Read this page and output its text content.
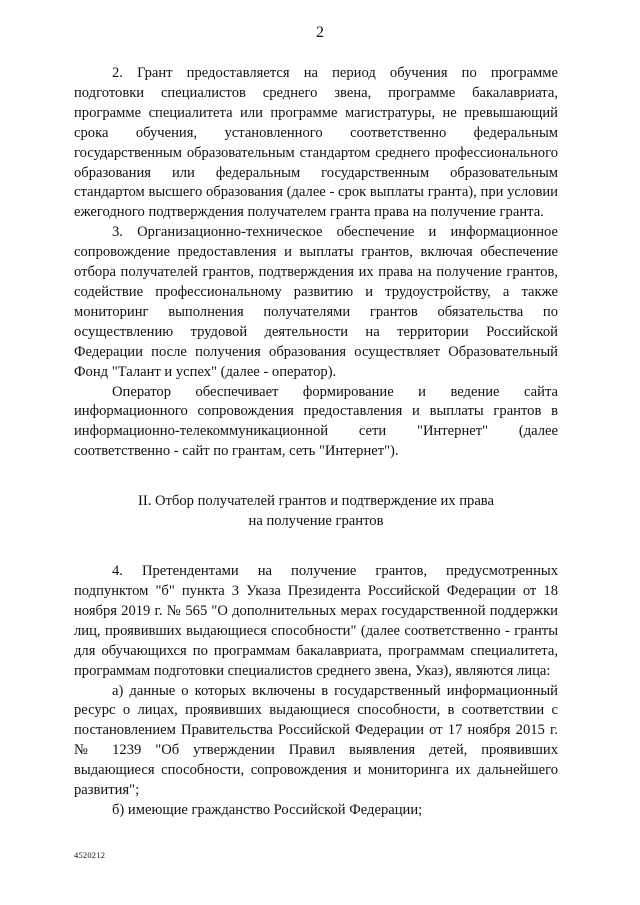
2

2. Грант предоставляется на период обучения по программе подготовки специалистов среднего звена, программе бакалавриата, программе специалитета или программе магистратуры, не превышающий срока обучения, установленного соответственно федеральным государственным образовательным стандартом среднего профессионального образования или федеральным государственным образовательным стандартом высшего образования (далее - срок выплаты гранта), при условии ежегодного подтверждения получателем гранта права на получение гранта.

3. Организационно-техническое обеспечение и информационное сопровождение предоставления и выплаты грантов, включая обеспечение отбора получателей грантов, подтверждения их права на получение грантов, содействие профессиональному развитию и трудоустройству, а также мониторинг выполнения получателями грантов обязательства по осуществлению трудовой деятельности на территории Российской Федерации после получения образования осуществляет Образовательный Фонд "Талант и успех" (далее - оператор).

Оператор обеспечивает формирование и ведение сайта информационного сопровождения предоставления и выплаты грантов в информационно-телекоммуникационной сети "Интернет" (далее соответственно - сайт по грантам, сеть "Интернет").

II. Отбор получателей грантов и подтверждение их права
на получение грантов

4. Претендентами на получение грантов, предусмотренных подпунктом "б" пункта 3 Указа Президента Российской Федерации от 18 ноября 2019 г. № 565 "О дополнительных мерах государственной поддержки лиц, проявивших выдающиеся способности" (далее соответственно - гранты для обучающихся по программам бакалавриата, программам специалитета, программам подготовки специалистов среднего звена, Указ), являются лица:

а) данные о которых включены в государственный информационный ресурс о лицах, проявивших выдающиеся способности, в соответствии с постановлением Правительства Российской Федерации от 17 ноября 2015 г. № 1239 "Об утверждении Правил выявления детей, проявивших выдающиеся способности, сопровождения и мониторинга их дальнейшего развития";

б) имеющие гражданство Российской Федерации;

4520212
